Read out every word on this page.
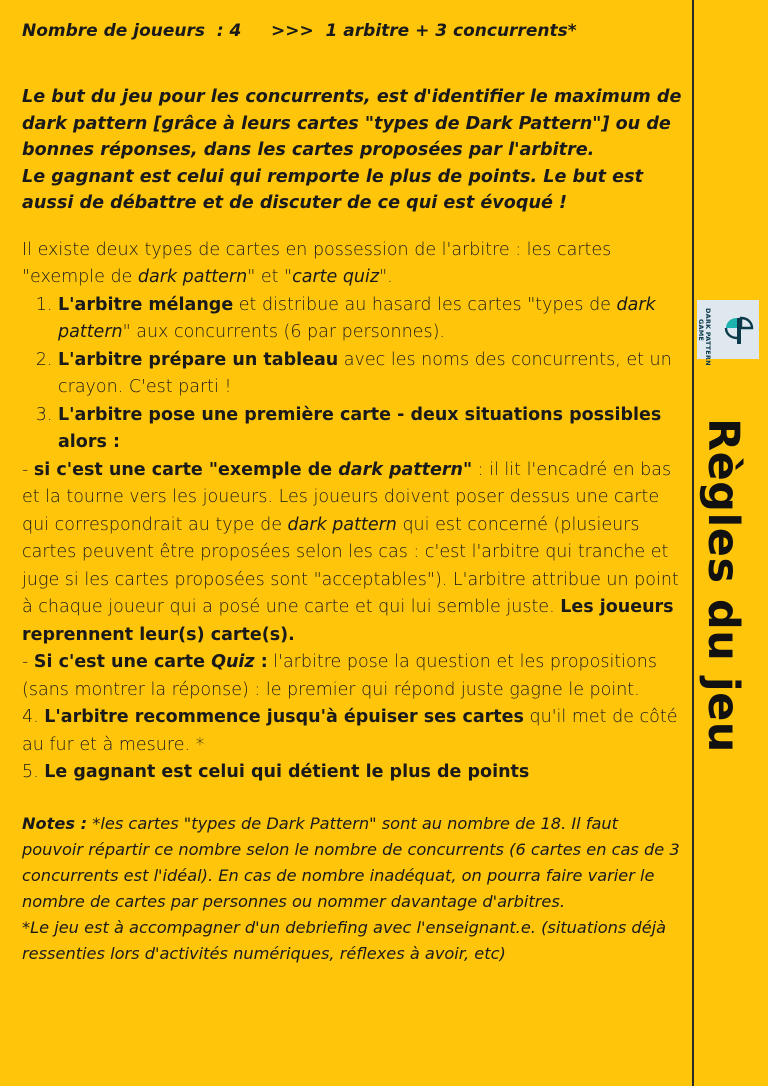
Nombre de joueurs  : 4 >>> 1 arbitre + 3 concurrents*

Le but du jeu pour les concurrents, est d'identifier le maximum de dark pattern [grâce à leurs cartes "types de Dark Pattern"] ou de bonnes réponses, dans les cartes proposées par l'arbitre.

Le gagnant est celui qui remporte le plus de points. Le but est aussi de débattre et de discuter de ce qui est évoqué !

Il existe deux types de cartes en possession de l'arbitre : les cartes "exemple de dark pattern" et "carte quiz".

1. L'arbitre mélange et distribue au hasard les cartes "types de dark pattern" aux concurrents (6 par personnes).
2. L'arbitre prépare un tableau avec les noms des concurrents, et un crayon. C'est parti !
3. L'arbitre pose une première carte - deux situations possibles alors :

- si c'est une carte "exemple de dark pattern" : il lit l'encadré en bas et la tourne vers les joueurs. Les joueurs doivent poser dessus une carte qui correspondrait au type de dark pattern qui est concerné (plusieurs cartes peuvent être proposées selon les cas : c'est l'arbitre qui tranche et juge si les cartes proposées sont "acceptables"). L'arbitre attribue un point à chaque joueur qui a posé une carte et qui lui semble juste. Les joueurs reprennent leur(s) carte(s).

- Si c'est une carte Quiz : l'arbitre pose la question et les propositions (sans montrer la réponse) : le premier qui répond juste gagne le point.

4. L'arbitre recommence jusqu'à épuiser ses cartes qu'il met de côté au fur et à mesure. *

5. Le gagnant est celui qui détient le plus de points

Notes : *les cartes "types de Dark Pattern" sont au nombre de 18. Il faut pouvoir répartir ce nombre selon le nombre de concurrents (6 cartes en cas de 3 concurrents est l'idéal). En cas de nombre inadéquat, on pourra faire varier le nombre de cartes par personnes ou nommer davantage d'arbitres.

*Le jeu est à accompagner d'un debriefing avec l'enseignant.e. (situations déjà ressenties lors d'activités numériques, réflexes à avoir, etc)

DARK PATTERN
GAME
Règles du jeu
